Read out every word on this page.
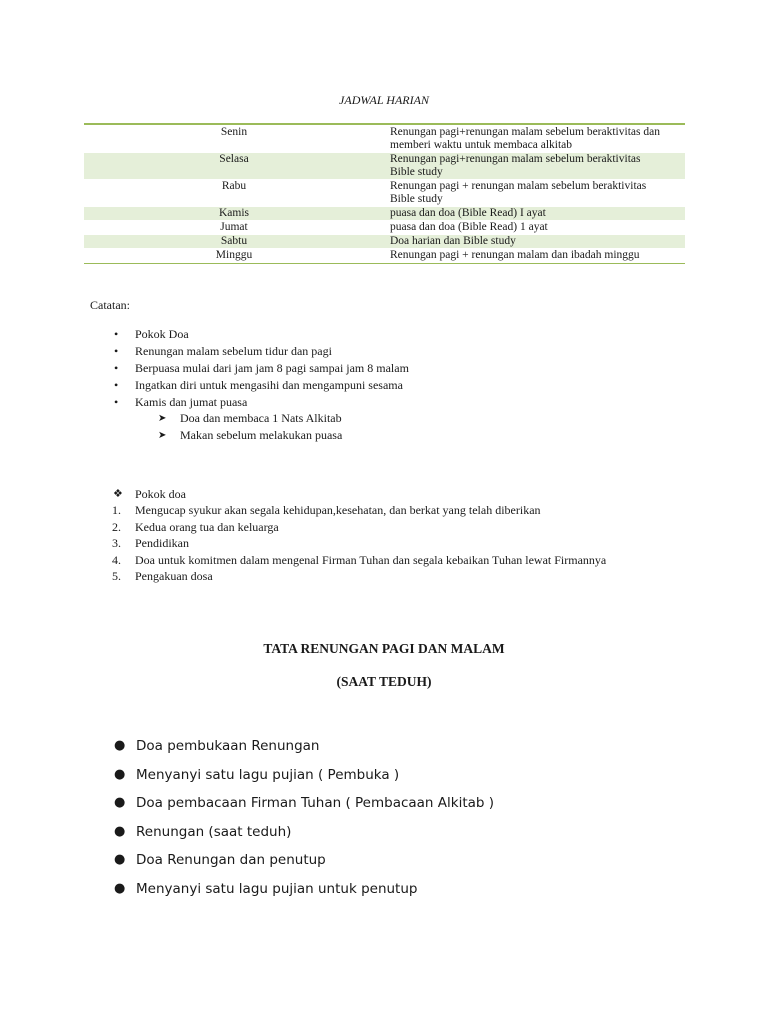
JADWAL HARIAN
Senin	Renungan pagi+renungan malam sebelum beraktivitas dan
memberi waktu untuk membaca alkitab
Selasa	Renungan pagi+renungan malam sebelum beraktivitas
Bible study
Rabu	Renungan pagi + renungan malam sebelum beraktivitas
Bible study
Kamis	puasa dan doa (Bible Read) I ayat
Jumat	puasa dan doa (Bible Read) 1 ayat
Sabtu	Doa harian dan Bible study
Minggu	Renungan pagi + renungan malam dan ibadah minggu
Catatan:
• Pokok Doa
• Renungan malam sebelum tidur dan pagi
• Berpuasa mulai dari jam jam 8 pagi sampai jam 8 malam
• Ingatkan diri untuk mengasihi dan mengampuni sesama
• Kamis dan jumat puasa
➤ Doa dan membaca 1 Nats Alkitab
➤ Makan sebelum melakukan puasa
❖ Pokok doa
1. Mengucap syukur akan segala kehidupan,kesehatan, dan berkat yang telah diberikan
2. Kedua orang tua dan keluarga
3. Pendidikan
4. Doa untuk komitmen dalam mengenal Firman Tuhan dan segala kebaikan Tuhan lewat Firmannya
5. Pengakuan dosa
TATA RENUNGAN PAGI DAN MALAM
(SAAT TEDUH)
● Doa pembukaan Renungan
● Menyanyi satu lagu pujian ( Pembuka )
● Doa pembacaan Firman Tuhan ( Pembacaan Alkitab )
● Renungan (saat teduh)
● Doa Renungan dan penutup
● Menyanyi satu lagu pujian untuk penutup
